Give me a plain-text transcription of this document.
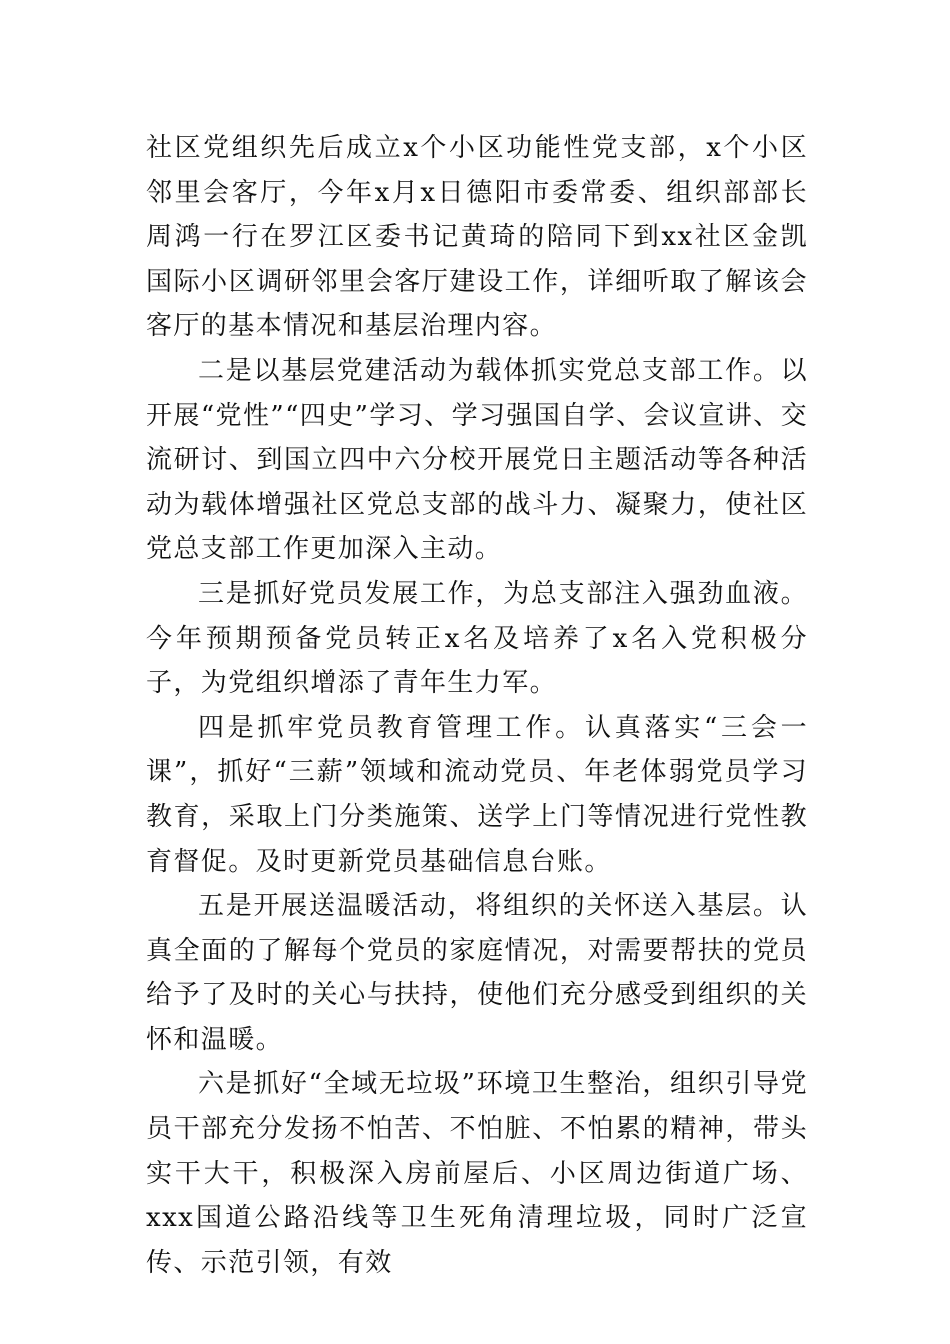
社区党组织先后成立x个小区功能性党支部，x个小区邻里会客厅，今年x月x日德阳市委常委、组织部部长周鸿一行在罗江区委书记黄琦的陪同下到xx社区金凯国际小区调研邻里会客厅建设工作，详细听取了解该会客厅的基本情况和基层治理内容。

二是以基层党建活动为载体抓实党总支部工作。以开展“党性”“四史”学习、学习强国自学、会议宣讲、交流研讨、到国立四中六分校开展党日主题活动等各种活动为载体增强社区党总支部的战斗力、凝聚力，使社区党总支部工作更加深入主动。

三是抓好党员发展工作，为总支部注入强劲血液。今年预期预备党员转正x名及培养了x名入党积极分子，为党组织增添了青年生力军。

四是抓牢党员教育管理工作。认真落实“三会一课”，抓好“三薪”领域和流动党员、年老体弱党员学习教育，采取上门分类施策、送学上门等情况进行党性教育督促。及时更新党员基础信息台账。

五是开展送温暖活动，将组织的关怀送入基层。认真全面的了解每个党员的家庭情况，对需要帮扶的党员给予了及时的关心与扶持，使他们充分感受到组织的关怀和温暖。

六是抓好“全域无垃圾”环境卫生整治，组织引导党员干部充分发扬不怕苦、不怕脏、不怕累的精神，带头实干大干，积极深入房前屋后、小区周边街道广场、xxx国道公路沿线等卫生死角清理垃圾，同时广泛宣传、示范引领，有效
